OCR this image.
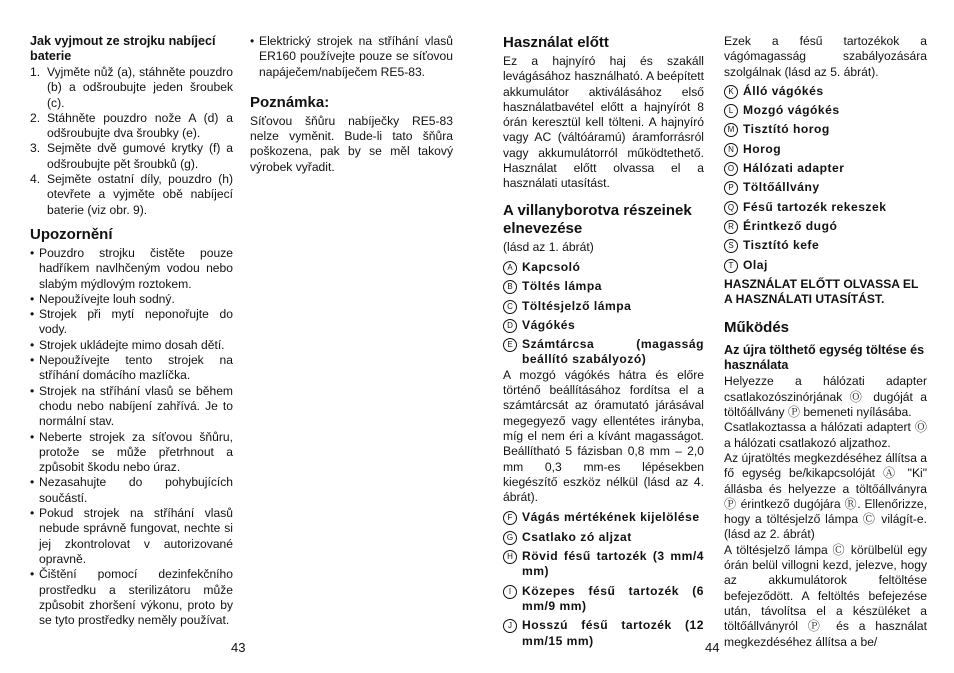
Jak vyjmout ze strojku nabíjecí baterie
1. Vyjměte nůž (a), stáhněte pouzdro (b) a odšroubujte jeden šroubek (c).
2. Stáhněte pouzdro nože A (d) a odšroubujte dva šroubky (e).
3. Sejměte dvě gumové krytky (f) a odšroubujte pět šroubků (g).
4. Sejměte ostatní díly, pouzdro (h) otevřete a vyjměte obě nabíjecí baterie (viz obr. 9).
Upozornění
• Pouzdro strojku čistěte pouze hadříkem navlhčeným vodou nebo slabým mýdlovým roztokem.
• Nepoužívejte louh sodný.
• Strojek při mytí neponořujte do vody.
• Strojek ukládejte mimo dosah dětí.
• Nepoužívejte tento strojek na stříhání domácího mazlíčka.
• Strojek na stříhání vlasů se během chodu nebo nabíjení zahřívá. Je to normální stav.
• Neberte strojek za síťovou šňůru, protože se může přetrhnout a způsobit škodu nebo úraz.
• Nezasahujte do pohybujících součástí.
• Pokud strojek na stříhání vlasů nebude správně fungovat, nechte si jej zkontrolovat v autorizované opravně.
• Čištění pomocí dezinfekčního prostředku a sterilizátoru může způsobit zhoršení výkonu, proto by se tyto prostředky neměly používat.
• Elektrický strojek na stříhání vlasů ER160 používejte pouze se síťovou napáječem/nabíječem RE5-83.
Poznámka:

Síťovou šňůru nabíječky RE5-83 nelze vyměnit. Bude-li tato šňůra poškozena, pak by se měl takový výrobek vyřadit.

43
Használat előtt

Ez a hajnyíró haj és szakáll levágásához használható. A beépített akkumulátor aktiválásához első használatbavétel előtt a hajnyírót 8 órán keresztül kell tölteni. A hajnyíró vagy AC (váltóáramú) áramforrásról vagy akkumulátorról működtethető. Használat előtt olvassa el a használati utasítást.

A villanyborotva részeinek elnevezése

(lásd az 1. ábrát)

A Kapcsoló
B Töltés lámpa
C Töltésjelző lámpa
D Vágókés
E Számtárcsa (magasság beállító szabályozó)

A mozgó vágókés hátra és előre történő beállításához fordítsa el a számtárcsát az óramutató járásával megegyező vagy ellentétes irányba, míg el nem éri a kívánt magasságot. Beállítható 5 fázisban 0,8 mm – 2,0 mm 0,3 mm-es lépésekben kiegészítő eszköz nélkül (lásd az 4. ábrát).

F Vágás mértékének kijelölése
G Csatlako zó aljzat
H Rövid fésű tartozék (3 mm/4 mm)
I Közepes fésű tartozék (6 mm/9 mm)
J Hosszú fésű tartozék (12 mm/15 mm)	44

Ezek a fésű tartozékok a vágómagasság szabályozására szolgálnak (lásd az 5. ábrát).

K Álló vágókés
L Mozgó vágókés
M Tisztító horog
N Horog
O Hálózati adapter
P Töltőállvány
Q Fésű tartozék rekeszek
R Érintkező dugó
S Tisztító kefe
T Olaj

HASZNÁLAT ELŐTT OLVASSA EL A HASZNÁLATI UTASÍTÁST.

Működés
Az újra tölthető egység töltése és használata

Helyezze a hálózati adapter csatlakozószinórjának Ⓞ dugóját a töltőállvány Ⓟ bemeneti nyílásába.

Csatlakoztassa a hálózati adaptert Ⓞ a hálózati csatlakozó aljzathoz.

Az újratöltés megkezdéséhez állítsa a fő egység be/kikapcsolóját Ⓐ "Ki" állásba és helyezze a töltőállványra Ⓟ érintkező dugójára Ⓡ. Ellenőrizze, hogy a töltésjelző lámpa Ⓒ világít-e. (lásd az 2. ábrát)

A töltésjelző lámpa Ⓒ körülbelül egy órán belül villogni kezd, jelezve, hogy az akkumulátorok feltöltése befejeződött. A feltöltés befejezése után, távolítsa el a készüléket a töltőállványról Ⓟ és a használat megkezdéséhez állítsa a be/
